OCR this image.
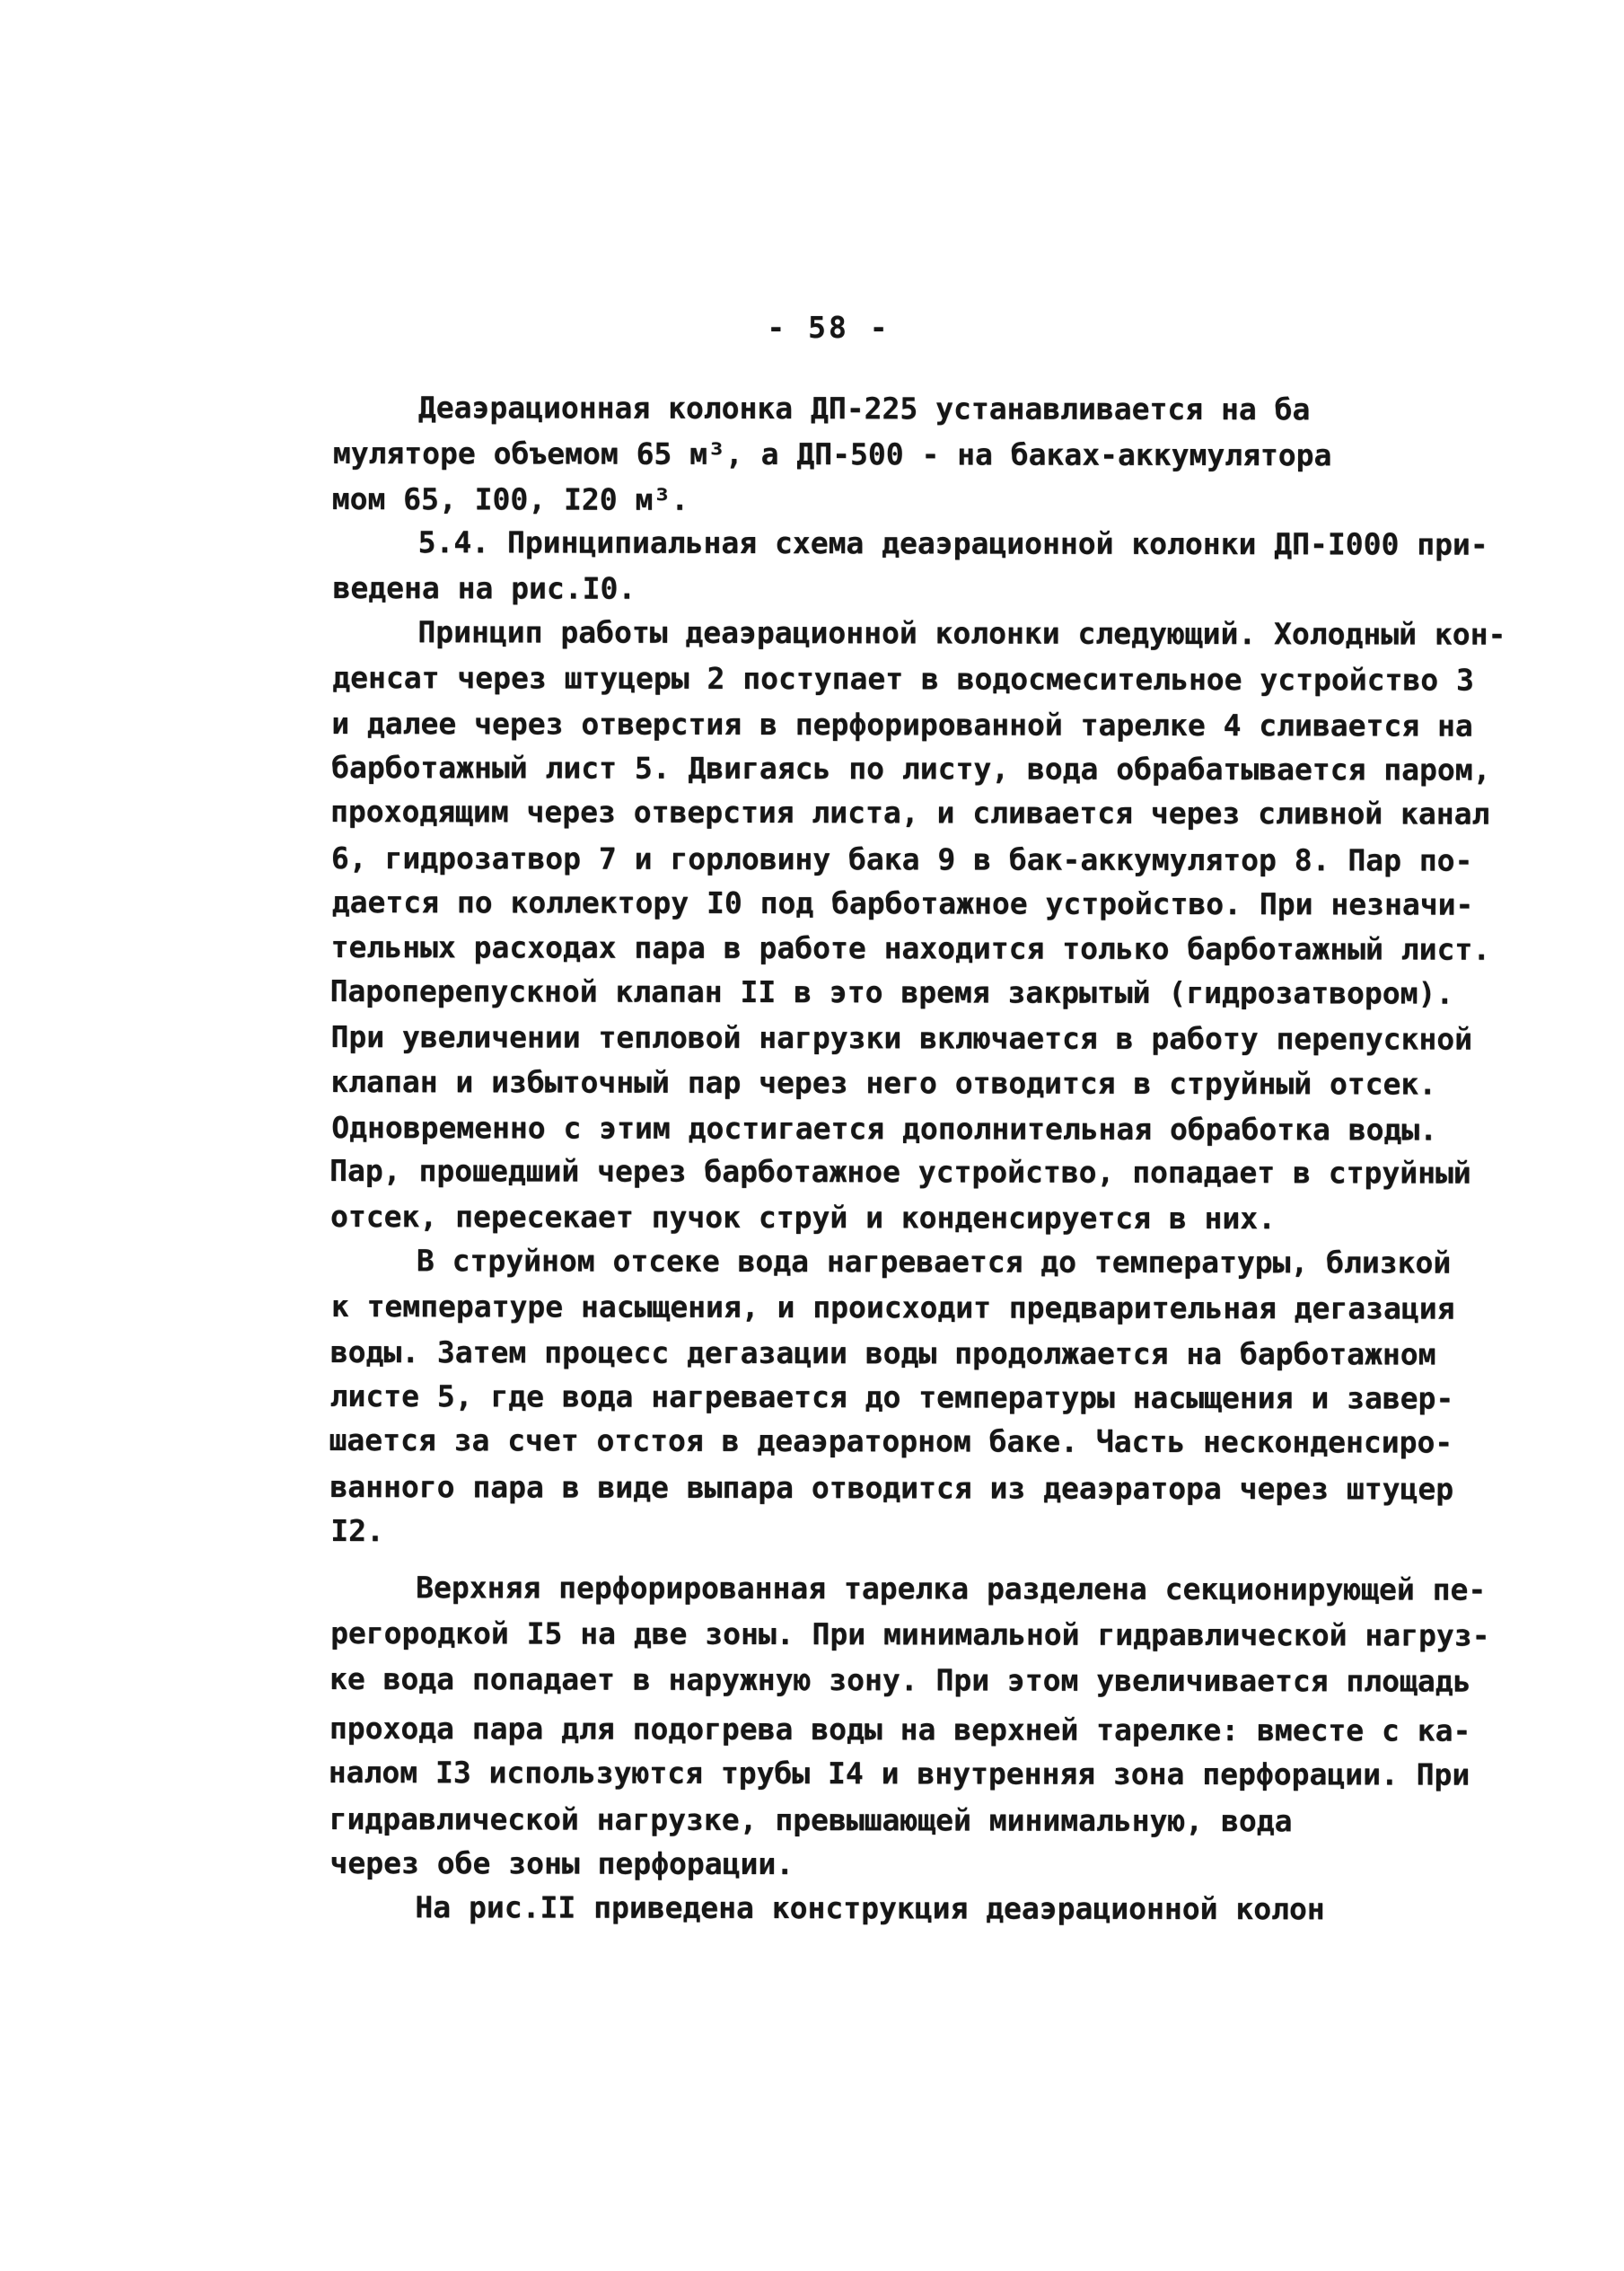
- 58 -
Деаэрационная колонка ДП-225 устанавливается на ба
муляторе объемом 65 м³, а ДП-500 - на баках-аккумулятора
мом 65, I00, I20 м³.
5.4. Принципиальная схема деаэрационной колонки ДП-I000 при-
ведена на рис.I0.
Принцип работы деаэрационной колонки следующий. Холодный кон-
денсат через штуцеры 2 поступает в водосмесительное устройство 3
и далее через отверстия в перфорированной тарелке 4 сливается на
барботажный лист 5. Двигаясь по листу, вода обрабатывается паром,
проходящим через отверстия листа, и сливается через сливной канал
6, гидрозатвор 7 и горловину бака 9 в бак-аккумулятор 8. Пар по-
дается по коллектору I0 под барботажное устройство. При незначи-
тельных расходах пара в работе находится только барботажный лист.
Пароперепускной клапан II в это время закрытый (гидрозатвором).
При увеличении тепловой нагрузки включается в работу перепускной
клапан и избыточный пар через него отводится в струйный отсек.
Одновременно с этим достигается дополнительная обработка воды.
Пар, прошедший через барботажное устройство, попадает в струйный
отсек, пересекает пучок струй и конденсируется в них.
В струйном отсеке вода нагревается до температуры, близкой
к температуре насыщения, и происходит предварительная дегазация
воды. Затем процесс дегазации воды продолжается на барботажном
листе 5, где вода нагревается до температуры насыщения и завер-
шается за счет отстоя в деаэраторном баке. Часть несконденсиро-
ванного пара в виде выпара отводится из деаэратора через штуцер
I2.
Верхняя перфорированная тарелка разделена секционирующей пе-
регородкой I5 на две зоны. При минимальной гидравлической нагруз-
ке вода попадает в наружную зону. При этом увеличивается площадь
прохода пара для подогрева воды на верхней тарелке: вместе с ка-
налом I3 используются трубы I4 и внутренняя зона перфорации. При
гидравлической нагрузке, превышающей минимальную, вода
через обе зоны перфорации.
На рис.II приведена конструкция деаэрационной колон
